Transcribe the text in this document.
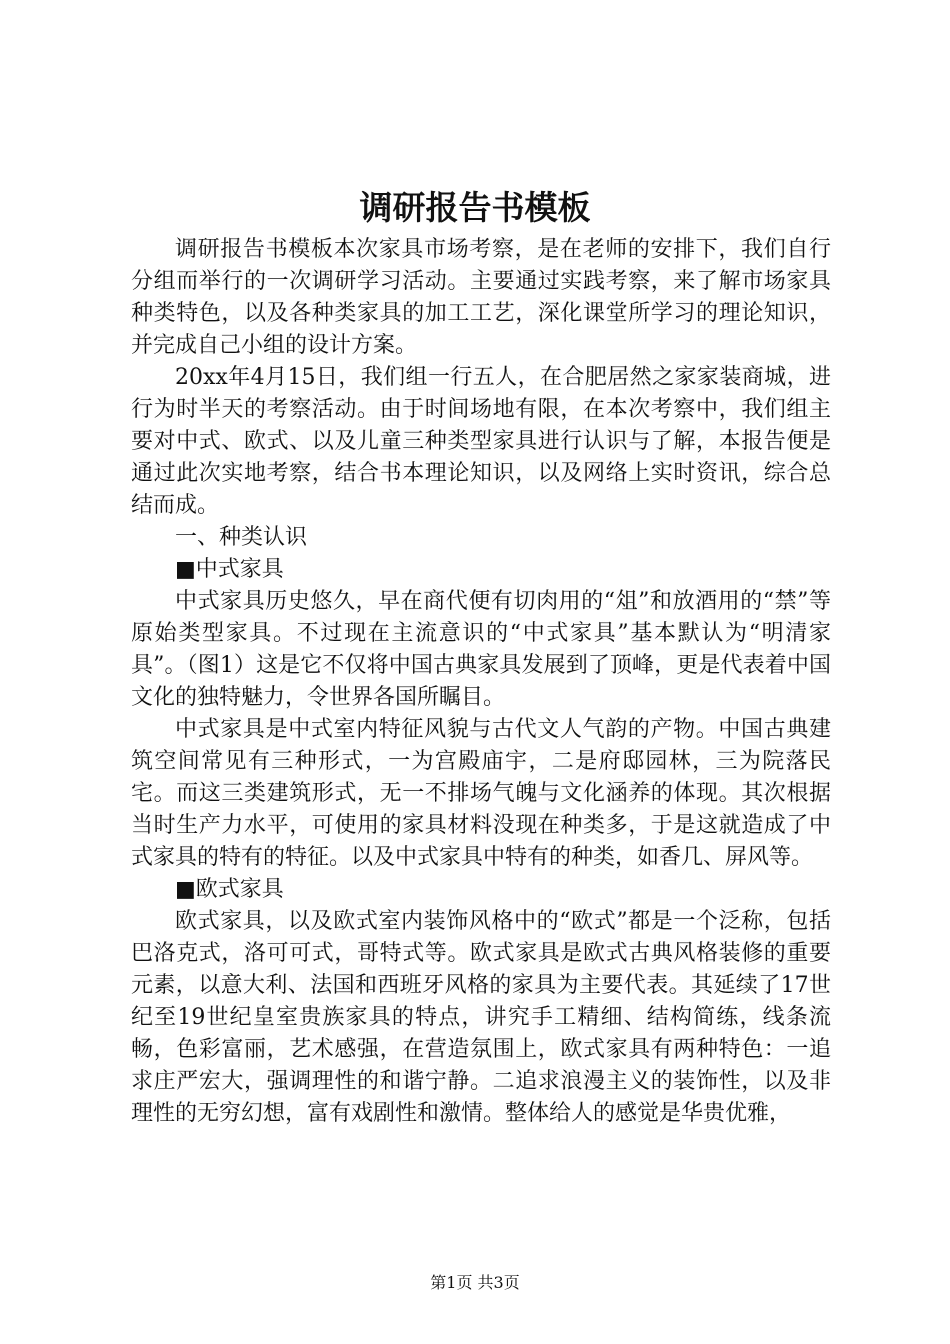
调研报告书模板

调研报告书模板本次家具市场考察，是在老师的安排下，我们自行分组而举行的一次调研学习活动。主要通过实践考察，来了解市场家具种类特色，以及各种类家具的加工工艺，深化课堂所学习的理论知识，并完成自己小组的设计方案。

20xx年4月15日，我们组一行五人，在合肥居然之家家装商城，进行为时半天的考察活动。由于时间场地有限，在本次考察中，我们组主要对中式、欧式、以及儿童三种类型家具进行认识与了解，本报告便是通过此次实地考察，结合书本理论知识，以及网络上实时资讯，综合总结而成。

一、种类认识

■中式家具

中式家具历史悠久，早在商代便有切肉用的“俎”和放酒用的“禁”等原始类型家具。不过现在主流意识的“中式家具”基本默认为“明清家具”。（图1）这是它不仅将中国古典家具发展到了顶峰，更是代表着中国文化的独特魅力，令世界各国所瞩目。

中式家具是中式室内特征风貌与古代文人气韵的产物。中国古典建筑空间常见有三种形式，一为宫殿庙宇，二是府邸园林，三为院落民宅。而这三类建筑形式，无一不排场气魄与文化涵养的体现。其次根据当时生产力水平，可使用的家具材料没现在种类多，于是这就造成了中式家具的特有的特征。以及中式家具中特有的种类，如香几、屏风等。

■欧式家具

欧式家具，以及欧式室内装饰风格中的“欧式”都是一个泛称，包括巴洛克式，洛可可式，哥特式等。欧式家具是欧式古典风格装修的重要元素，以意大利、法国和西班牙风格的家具为主要代表。其延续了17世纪至19世纪皇室贵族家具的特点，讲究手工精细、结构简练，线条流畅，色彩富丽，艺术感强，在营造氛围上，欧式家具有两种特色：一追求庄严宏大，强调理性的和谐宁静。二追求浪漫主义的装饰性，以及非理性的无穷幻想，富有戏剧性和激情。整体给人的感觉是华贵优雅，

第1页 共3页
